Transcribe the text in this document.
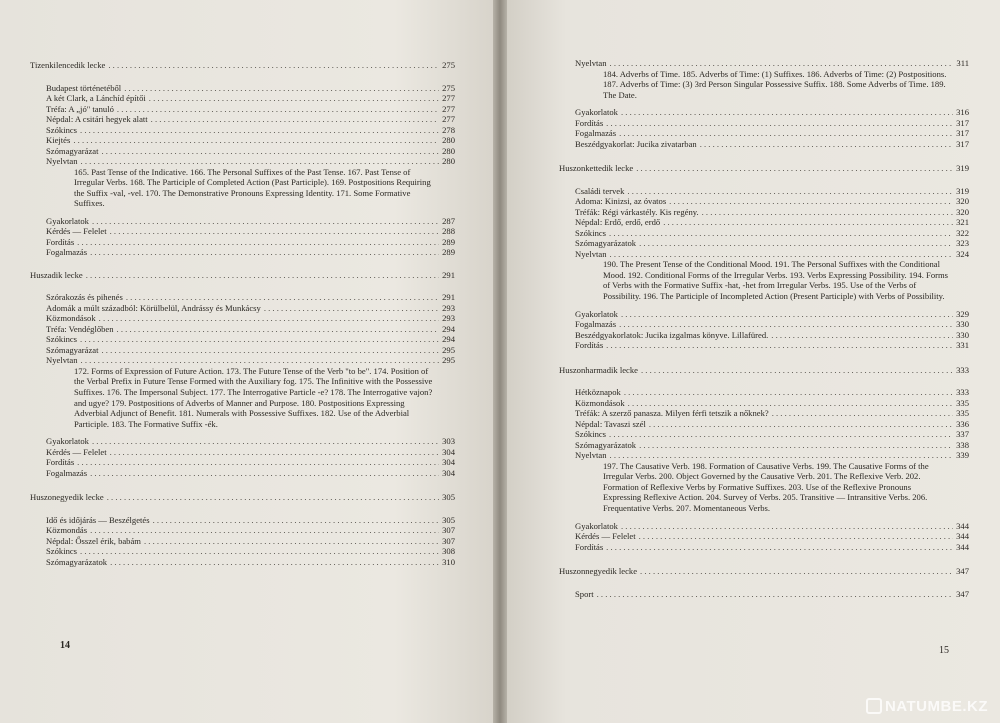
Tizenkilencedik lecke . . .	275
Budapest történetéből . . .	275
A két Clark, a Lánchíd építői . . .	277
Tréfa: A „jó" tanuló . . .	277
Népdal: A csitári hegyek alatt . . .	277
Szókincs . . .	278
Kiejtés . . .	280
Szómagyarázat . . .	280
Nyelvtan . . .	280
165. Past Tense of the Indicative. 166. The Personal Suffixes of the Past Tense. 167. Past Tense of Irregular Verbs. 168. The Participle of Completed Action (Past Participle). 169. Postpositions Requiring the Suffix -val, -vel. 170. The Demonstrative Pronouns Expressing Identity. 171. Some Formative Suffixes.
Gyakorlatok . . .	287
Kérdés — Felelet . . .	288
Fordítás . . .	289
Fogalmazás . . .	289
Huszadik lecke . . .	291
Szórakozás és pihenés . . .	291
Adomák a múlt századból: Körülbelül, Andrássy és Munkácsy . . .	293
Közmondások . . .	293
Tréfa: Vendéglőben . . .	294
Szókincs . . .	294
Szómagyarázat . . .	295
Nyelvtan . . .	295
172. Forms of Expression of Future Action. 173. The Future Tense of the Verb "to be". 174. Position of the Verbal Prefix in Future Tense Formed with the Auxiliary fog. 175. The Infinitive with the Possessive Suffixes. 176. The Impersonal Subject. 177. The Interrogative Particle -e? 178. The Interrogative vajon? and ugye? 179. Postpositions of Adverbs of Manner and Purpose. 180. Postpositions Expressing Adverbial Adjunct of Benefit. 181. Numerals with Possessive Suffixes. 182. Use of the Adverbial Participle. 183. The Formative Suffix -ék.
Gyakorlatok . . .	303
Kérdés — Felelet . . .	304
Fordítás . . .	304
Fogalmazás . . .	304
Huszonegyedik lecke . . .	305
Idő és időjárás — Beszélgetés . . .	305
Közmondás . . .	307
Népdal: Ősszel érik, babám . . .	307
Szókincs . . .	308
Szómagyarázatok . . .	310
14
Nyelvtan . . .	311
184. Adverbs of Time. 185. Adverbs of Time: (1) Suffixes. 186. Adverbs of Time: (2) Postpositions. 187. Adverbs of Time: (3) 3rd Person Singular Possessive Suffix. 188. Some Adverbs of Time. 189. The Date.
Gyakorlatok . . .	316
Fordítás . . .	317
Fogalmazás . . .	317
Beszédgyakorlat: Jucika zivatarban . . .	317
Huszonkettedik lecke . . .	319
Családi tervek . . .	319
Adoma: Kinizsi, az óvatos . . .	320
Tréfák: Régi várkastély. Kis regény. . . .	320
Népdal: Erdő, erdő, erdő . . .	321
Szókincs . . .	322
Szómagyarázatok . . .	323
Nyelvtan . . .	324
190. The Present Tense of the Conditional Mood. 191. The Personal Suffixes with the Conditional Mood. 192. Conditional Forms of the Irregular Verbs. 193. Verbs Expressing Possibility. 194. Forms of Verbs with the Formative Suffix -hat, -het from Irregular Verbs. 195. Use of the Verbs of Possibility. 196. The Participle of Incompleted Action (Present Participle) with Verbs of Possibility.
Gyakorlatok . . .	329
Fogalmazás . . .	330
Beszédgyakorlatok: Jucika izgalmas könyve. Lillafüred. . . .	330
Fordítás . . .	331
Huszonharmadik lecke . . .	333
Hétköznapok . . .	333
Közmondások . . .	335
Tréfák: A szerző panasza. Milyen férfi tetszik a nőknek? . . .	335
Népdal: Tavaszi szél . . .	336
Szókincs . . .	337
Szómagyarázatok . . .	338
Nyelvtan . . .	339
197. The Causative Verb. 198. Formation of Causative Verbs. 199. The Causative Forms of the Irregular Verbs. 200. Object Governed by the Causative Verb. 201. The Reflexive Verb. 202. Formation of Reflexive Verbs by Formative Suffixes. 203. Use of the Reflexive Pronouns Expressing Reflexive Action. 204. Survey of Verbs. 205. Transitive — Intransitive Verbs. 206. Frequentative Verbs. 207. Momentaneous Verbs.
Gyakorlatok . . .	344
Kérdés — Felelet . . .	344
Fordítás . . .	344
Huszonnegyedik lecke . . .	347
Sport . . .	347
15
NATUMBE.KZ
